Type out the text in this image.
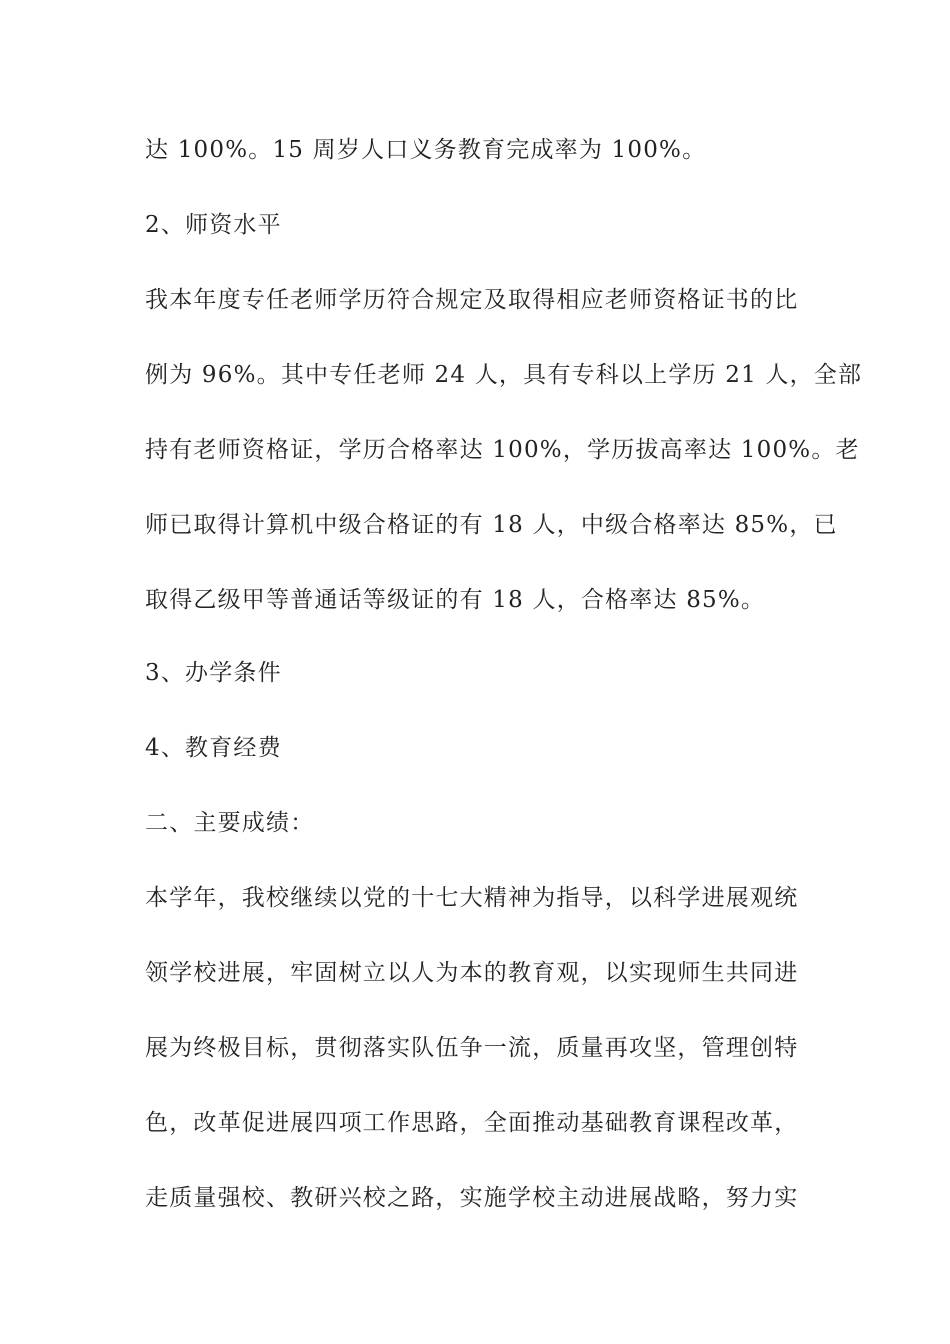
达 100%。15 周岁人口义务教育完成率为 100%。
2、师资水平
我本年度专任老师学历符合规定及取得相应老师资格证书的比
例为 96%。其中专任老师 24 人，具有专科以上学历 21 人，全部
持有老师资格证，学历合格率达 100%，学历拔高率达 100%。老
师已取得计算机中级合格证的有 18 人，中级合格率达 85%，已
取得乙级甲等普通话等级证的有 18 人，合格率达 85%。
3、办学条件
4、教育经费
二、主要成绩：
本学年，我校继续以党的十七大精神为指导，以科学进展观统
领学校进展，牢固树立以人为本的教育观，以实现师生共同进
展为终极目标，贯彻落实队伍争一流，质量再攻坚，管理创特
色，改革促进展四项工作思路，全面推动基础教育课程改革，
走质量强校、教研兴校之路，实施学校主动进展战略，努力实
